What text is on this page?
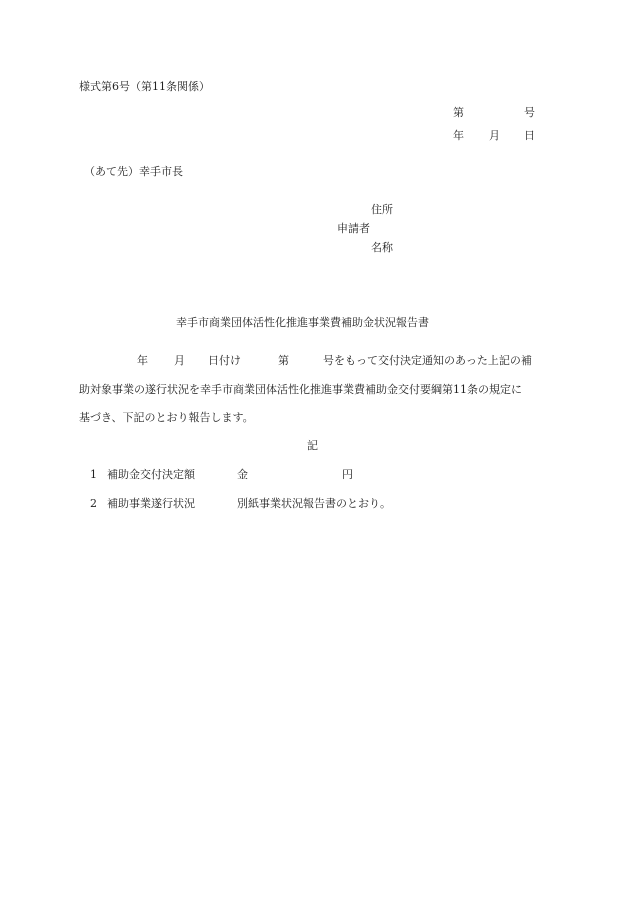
様式第6号（第11条関係）
第	号
年 月 日
（あて先）幸手市長
住所
申請者
名称
幸手市商業団体活性化推進事業費補助金状況報告書
年 月 日付け	第	号をもって交付決定通知のあった上記の補
助対象事業の遂行状況を幸手市商業団体活性化推進事業費補助金交付要綱第11条の規定に
基づき、下記のとおり報告します。
記
1 補助金交付決定額	金	円
2 補助事業遂行状況	別紙事業状況報告書のとおり。
